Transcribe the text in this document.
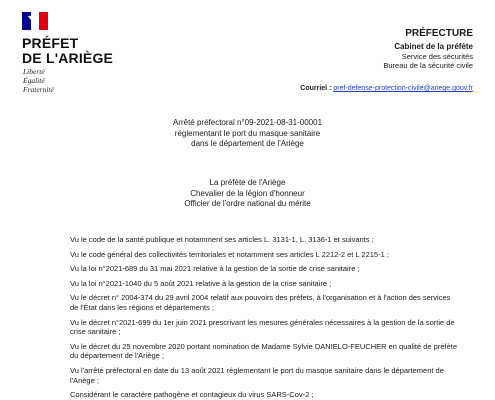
PRÉFET
DE L'ARIÈGE
Liberté
Égalité
Fraternité
PRÉFECTURE
Cabinet de la préfète
Service des sécurités
Bureau de la sécurité civile
Courriel : pref-defense-protection-civile@ariege.gouv.fr
Arrêté préfectoral n°09-2021-08-31-00001
réglementant le port du masque sanitaire
dans le département de l'Ariège
La préfète de l'Ariège
Chevalier de la légion d'honneur
Officier de l'ordre national du mérite

Vu le code de la santé publique et notamment ses articles L. 3131-1, L. 3136-1 et suivants ;

Vu le code général des collectivités territoriales et notamment ses articles L 2212-2 et L 2215-1 ;

Vu la loi n°2021-689 du 31 mai 2021 relative à la gestion de la sortie de crise sanitaire ;

Vu la loi n°2021-1040 du 5 août 2021 relative à la gestion de la crise sanitaire ;

Vu le décret n° 2004-374 du 29 avril 2004 relatif aux pouvoirs des préfets, à l'organisation et à l'action des services de l'État dans les régions et départements ;

Vu le décret n°2021-699 du 1er juin 2021 prescrivant les mesures générales nécessaires à la gestion de la sortie de crise sanitaire ;

Vu le décret du 25 novembre 2020 portant nomination de Madame Sylvie DANIELO-FEUCHER en qualité de préfète du département de l'Ariège ;

Vu l'arrêté préfectoral en date du 13 août 2021 réglementant le port du masque sanitaire dans le département de l'Ariège ;

Considérant le caractère pathogène et contagieux du virus SARS-Cov-2 ;
